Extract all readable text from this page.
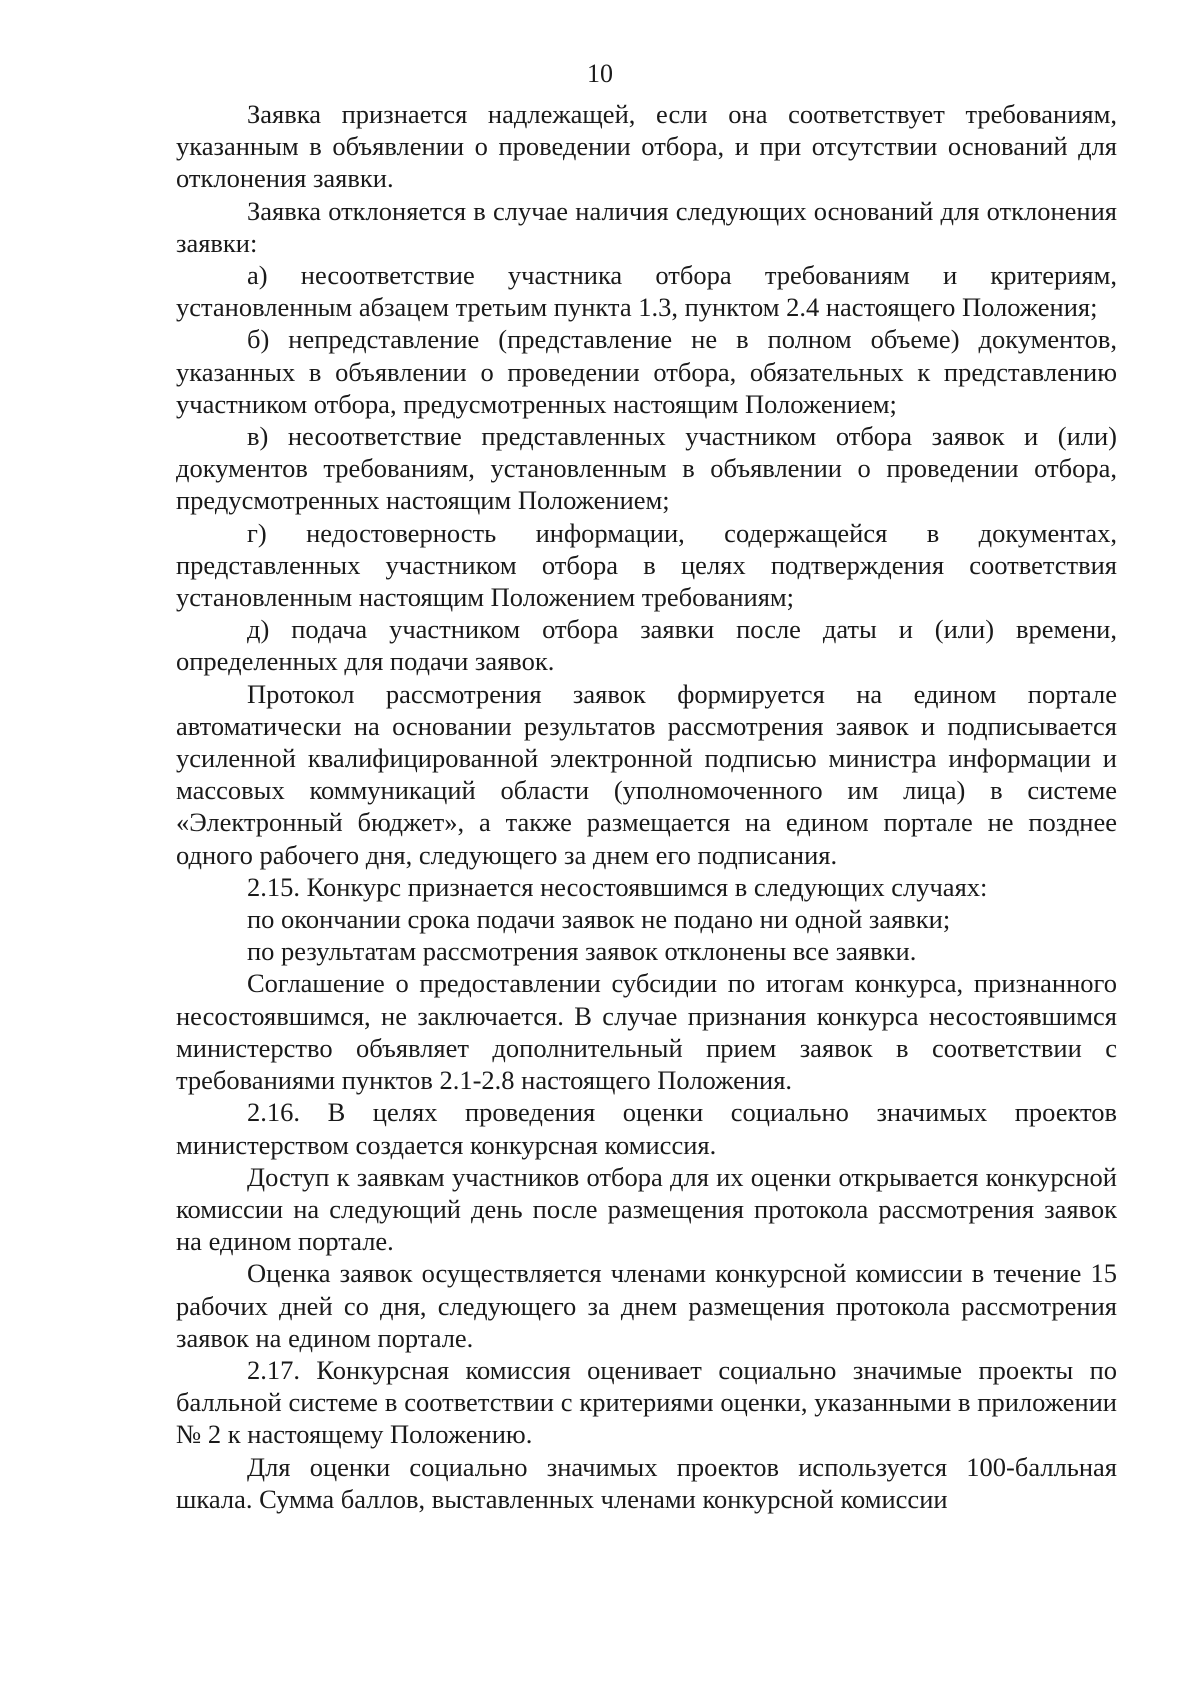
10

Заявка признается надлежащей, если она соответствует требованиям, указанным в объявлении о проведении отбора, и при отсутствии оснований для отклонения заявки.

Заявка отклоняется в случае наличия следующих оснований для отклонения заявки:

а) несоответствие участника отбора требованиям и критериям, установленным абзацем третьим пункта 1.3, пунктом 2.4 настоящего Положения;

б) непредставление (представление не в полном объеме) документов, указанных в объявлении о проведении отбора, обязательных к представлению участником отбора, предусмотренных настоящим Положением;

в) несоответствие представленных участником отбора заявок и (или) документов требованиям, установленным в объявлении о проведении отбора, предусмотренных настоящим Положением;

г) недостоверность информации, содержащейся в документах, представленных участником отбора в целях подтверждения соответствия установленным настоящим Положением требованиям;

д) подача участником отбора заявки после даты и (или) времени, определенных для подачи заявок.

Протокол рассмотрения заявок формируется на едином портале автоматически на основании результатов рассмотрения заявок и подписывается усиленной квалифицированной электронной подписью министра информации и массовых коммуникаций области (уполномоченного им лица) в системе «Электронный бюджет», а также размещается на едином портале не позднее одного рабочего дня, следующего за днем его подписания.

2.15. Конкурс признается несостоявшимся в следующих случаях:

по окончании срока подачи заявок не подано ни одной заявки;

по результатам рассмотрения заявок отклонены все заявки.

Соглашение о предоставлении субсидии по итогам конкурса, признанного несостоявшимся, не заключается. В случае признания конкурса несостоявшимся министерство объявляет дополнительный прием заявок в соответствии с требованиями пунктов 2.1-2.8 настоящего Положения.

2.16. В целях проведения оценки социально значимых проектов министерством создается конкурсная комиссия.

Доступ к заявкам участников отбора для их оценки открывается конкурсной комиссии на следующий день после размещения протокола рассмотрения заявок на едином портале.

Оценка заявок осуществляется членами конкурсной комиссии в течение 15 рабочих дней со дня, следующего за днем размещения протокола рассмотрения заявок на едином портале.

2.17. Конкурсная комиссия оценивает социально значимые проекты по балльной системе в соответствии с критериями оценки, указанными в приложении № 2 к настоящему Положению.

Для оценки социально значимых проектов используется 100-балльная шкала. Сумма баллов, выставленных членами конкурсной комиссии
